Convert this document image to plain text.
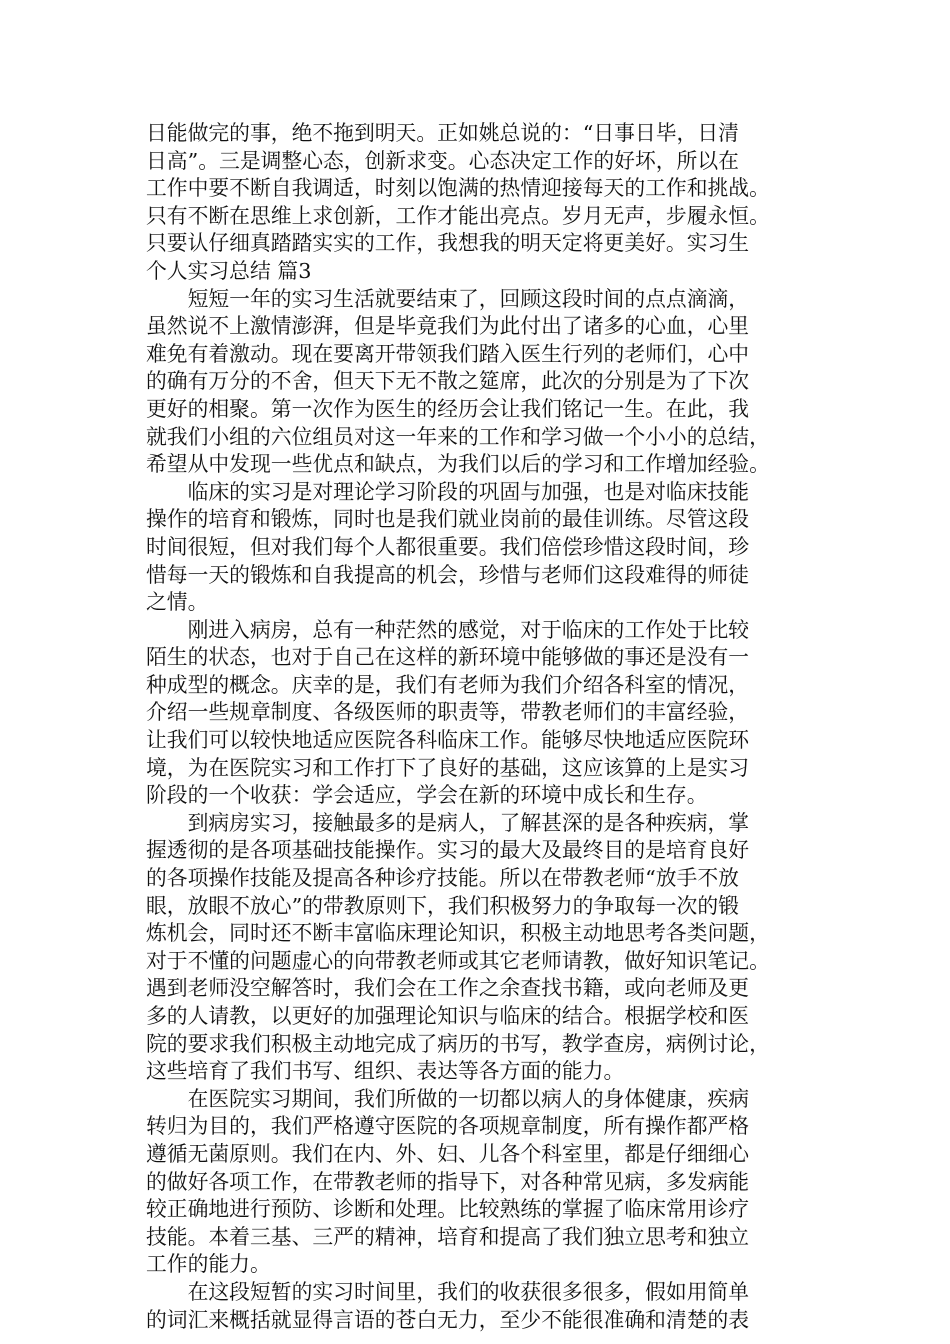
日能做完的事，绝不拖到明天。正如姚总说的：“日事日毕，日清
日高”。三是调整心态，创新求变。心态决定工作的好坏，所以在
工作中要不断自我调适，时刻以饱满的热情迎接每天的工作和挑战。
只有不断在思维上求创新，工作才能出亮点。岁月无声，步履永恒。
只要认仔细真踏踏实实的工作，我想我的明天定将更美好。实习生
个人实习总结 篇3
　　短短一年的实习生活就要结束了，回顾这段时间的点点滴滴，
虽然说不上激情澎湃，但是毕竟我们为此付出了诸多的心血，心里
难免有着激动。现在要离开带领我们踏入医生行列的老师们，心中
的确有万分的不舍，但天下无不散之筵席，此次的分别是为了下次
更好的相聚。第一次作为医生的经历会让我们铭记一生。在此，我
就我们小组的六位组员对这一年来的工作和学习做一个小小的总结，
希望从中发现一些优点和缺点，为我们以后的学习和工作增加经验。
　　临床的实习是对理论学习阶段的巩固与加强，也是对临床技能
操作的培育和锻炼，同时也是我们就业岗前的最佳训练。尽管这段
时间很短，但对我们每个人都很重要。我们倍偿珍惜这段时间，珍
惜每一天的锻炼和自我提高的机会，珍惜与老师们这段难得的师徒
之情。
　　刚进入病房，总有一种茫然的感觉，对于临床的工作处于比较
陌生的状态，也对于自己在这样的新环境中能够做的事还是没有一
种成型的概念。庆幸的是，我们有老师为我们介绍各科室的情况，
介绍一些规章制度、各级医师的职责等，带教老师们的丰富经验，
让我们可以较快地适应医院各科临床工作。能够尽快地适应医院环
境，为在医院实习和工作打下了良好的基础，这应该算的上是实习
阶段的一个收获：学会适应，学会在新的环境中成长和生存。
　　到病房实习，接触最多的是病人，了解甚深的是各种疾病，掌
握透彻的是各项基础技能操作。实习的最大及最终目的是培育良好
的各项操作技能及提高各种诊疗技能。所以在带教老师“放手不放
眼，放眼不放心”的带教原则下，我们积极努力的争取每一次的锻
炼机会，同时还不断丰富临床理论知识，积极主动地思考各类问题，
对于不懂的问题虚心的向带教老师或其它老师请教，做好知识笔记。
遇到老师没空解答时，我们会在工作之余查找书籍，或向老师及更
多的人请教，以更好的加强理论知识与临床的结合。根据学校和医
院的要求我们积极主动地完成了病历的书写，教学查房，病例讨论，
这些培育了我们书写、组织、表达等各方面的能力。
　　在医院实习期间，我们所做的一切都以病人的身体健康，疾病
转归为目的，我们严格遵守医院的各项规章制度，所有操作都严格
遵循无菌原则。我们在内、外、妇、儿各个科室里，都是仔细细心
的做好各项工作，在带教老师的指导下，对各种常见病，多发病能
较正确地进行预防、诊断和处理。比较熟练的掌握了临床常用诊疗
技能。本着三基、三严的精神，培育和提高了我们独立思考和独立
工作的能力。
　　在这段短暂的实习时间里，我们的收获很多很多，假如用简单
的词汇来概括就显得言语的苍白无力，至少不能很准确和清楚的表
